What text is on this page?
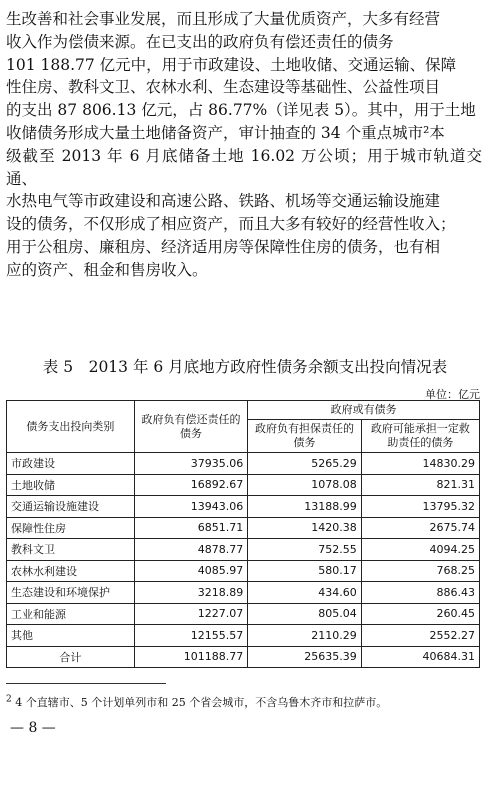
生改善和社会事业发展，而且形成了大量优质资产，大多有经营

收入作为偿债来源。在已支出的政府负有偿还责任的债务

101 188.77 亿元中，用于市政建设、土地收储、交通运输、保障

性住房、教科文卫、农林水利、生态建设等基础性、公益性项目

的支出 87 806.13 亿元，占 86.77%（详见表 5）。其中，用于土地

收储债务形成大量土地储备资产，审计抽查的 34 个重点城市²本

级截至 2013 年 6 月底储备土地 16.02 万公顷；用于城市轨道交通、

水热电气等市政建设和高速公路、铁路、机场等交通运输设施建

设的债务，不仅形成了相应资产，而且大多有较好的经营性收入；

用于公租房、廉租房、经济适用房等保障性住房的债务，也有相

应的资产、租金和售房收入。

表 5　2013 年 6 月底地方政府性债务余额支出投向情况表
单位：亿元
债务支出投向类别	政府负有偿还责任的债务	政府或有债务	
		政府负有担保责任的债务	政府可能承担一定救助责任的债务
市政建设	37935.06	5265.29	14830.29
土地收储	16892.67	1078.08	821.31
交通运输设施建设	13943.06	13188.99	13795.32
保障性住房	6851.71	1420.38	2675.74
教科文卫	4878.77	752.55	4094.25
农林水利建设	4085.97	580.17	768.25
生态建设和环境保护	3218.89	434.60	886.43
工业和能源	1227.07	805.04	260.45
其他	12155.57	2110.29	2552.27
合计	101188.77	25635.39	40684.31
$^2$ 4 个直辖市、5 个计划单列市和 25 个省会城市，不含乌鲁木齐市和拉萨市。
— 8 —
